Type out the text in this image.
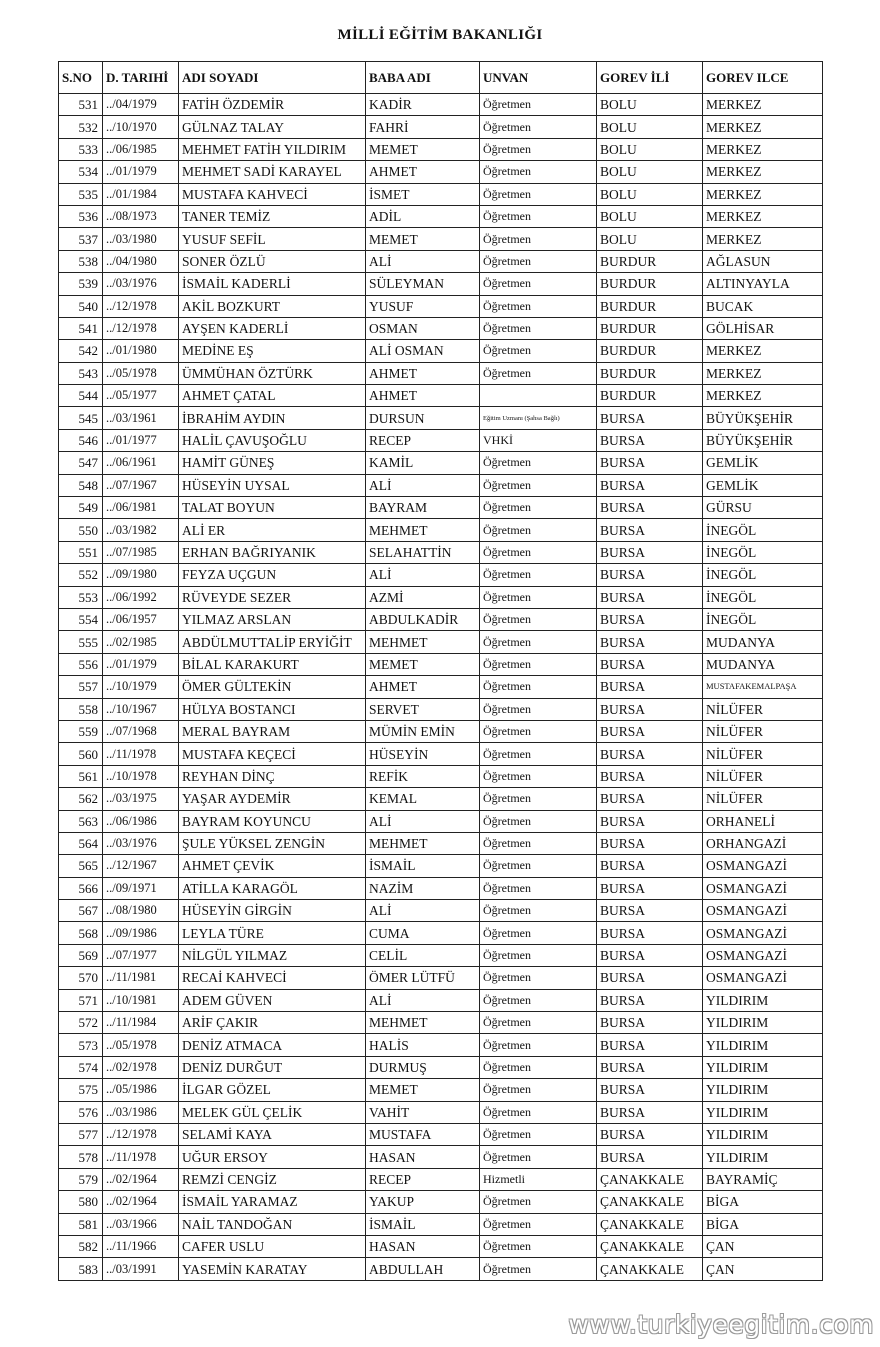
MİLLİ EĞİTİM BAKANLIĞI
S.NO	D. TARIHİ	ADI SOYADI	BABA ADI	UNVAN	GOREV İLİ	GOREV ILCE
531	../04/1979	FATİH ÖZDEMİR	KADİR	Öğretmen	BOLU	MERKEZ
532	../10/1970	GÜLNAZ TALAY	FAHRİ	Öğretmen	BOLU	MERKEZ
533	../06/1985	MEHMET FATİH YILDIRIM	MEMET	Öğretmen	BOLU	MERKEZ
534	../01/1979	MEHMET SADİ KARAYEL	AHMET	Öğretmen	BOLU	MERKEZ
535	../01/1984	MUSTAFA KAHVECİ	İSMET	Öğretmen	BOLU	MERKEZ
536	../08/1973	TANER TEMİZ	ADİL	Öğretmen	BOLU	MERKEZ
537	../03/1980	YUSUF SEFİL	MEMET	Öğretmen	BOLU	MERKEZ
538	../04/1980	SONER ÖZLÜ	ALİ	Öğretmen	BURDUR	AĞLASUN
539	../03/1976	İSMAİL KADERLİ	SÜLEYMAN	Öğretmen	BURDUR	ALTINYAYLA
540	../12/1978	AKİL BOZKURT	YUSUF	Öğretmen	BURDUR	BUCAK
541	../12/1978	AYŞEN KADERLİ	OSMAN	Öğretmen	BURDUR	GÖLHİSAR
542	../01/1980	MEDİNE EŞ	ALİ OSMAN	Öğretmen	BURDUR	MERKEZ
543	../05/1978	ÜMMÜHAN ÖZTÜRK	AHMET	Öğretmen	BURDUR	MERKEZ
544	../05/1977	AHMET ÇATAL	AHMET		BURDUR	MERKEZ
545	../03/1961	İBRAHİM AYDIN	DURSUN	Eğitim Uzmanı (Şahsa Bağlı)	BURSA	BÜYÜKŞEHİR
546	../01/1977	HALİL ÇAVUŞOĞLU	RECEP	VHKİ	BURSA	BÜYÜKŞEHİR
547	../06/1961	HAMİT GÜNEŞ	KAMİL	Öğretmen	BURSA	GEMLİK
548	../07/1967	HÜSEYİN UYSAL	ALİ	Öğretmen	BURSA	GEMLİK
549	../06/1981	TALAT BOYUN	BAYRAM	Öğretmen	BURSA	GÜRSU
550	../03/1982	ALİ ER	MEHMET	Öğretmen	BURSA	İNEGÖL
551	../07/1985	ERHAN BAĞRIYANIK	SELAHATTİN	Öğretmen	BURSA	İNEGÖL
552	../09/1980	FEYZA UÇGUN	ALİ	Öğretmen	BURSA	İNEGÖL
553	../06/1992	RÜVEYDE SEZER	AZMİ	Öğretmen	BURSA	İNEGÖL
554	../06/1957	YILMAZ ARSLAN	ABDULKADİR	Öğretmen	BURSA	İNEGÖL
555	../02/1985	ABDÜLMUTTALİP ERYİĞİT	MEHMET	Öğretmen	BURSA	MUDANYA
556	../01/1979	BİLAL KARAKURT	MEMET	Öğretmen	BURSA	MUDANYA
557	../10/1979	ÖMER GÜLTEKİN	AHMET	Öğretmen	BURSA	MUSTAFAKEMALPAŞA
558	../10/1967	HÜLYA BOSTANCI	SERVET	Öğretmen	BURSA	NİLÜFER
559	../07/1968	MERAL BAYRAM	MÜMİN EMİN	Öğretmen	BURSA	NİLÜFER
560	../11/1978	MUSTAFA KEÇECİ	HÜSEYİN	Öğretmen	BURSA	NİLÜFER
561	../10/1978	REYHAN DİNÇ	REFİK	Öğretmen	BURSA	NİLÜFER
562	../03/1975	YAŞAR AYDEMİR	KEMAL	Öğretmen	BURSA	NİLÜFER
563	../06/1986	BAYRAM KOYUNCU	ALİ	Öğretmen	BURSA	ORHANELİ
564	../03/1976	ŞULE YÜKSEL ZENGİN	MEHMET	Öğretmen	BURSA	ORHANGAZİ
565	../12/1967	AHMET ÇEVİK	İSMAİL	Öğretmen	BURSA	OSMANGAZİ
566	../09/1971	ATİLLA KARAGÖL	NAZİM	Öğretmen	BURSA	OSMANGAZİ
567	../08/1980	HÜSEYİN GİRGİN	ALİ	Öğretmen	BURSA	OSMANGAZİ
568	../09/1986	LEYLA TÜRE	CUMA	Öğretmen	BURSA	OSMANGAZİ
569	../07/1977	NİLGÜL YILMAZ	CELİL	Öğretmen	BURSA	OSMANGAZİ
570	../11/1981	RECAİ KAHVECİ	ÖMER LÜTFÜ	Öğretmen	BURSA	OSMANGAZİ
571	../10/1981	ADEM GÜVEN	ALİ	Öğretmen	BURSA	YILDIRIM
572	../11/1984	ARİF ÇAKIR	MEHMET	Öğretmen	BURSA	YILDIRIM
573	../05/1978	DENİZ ATMACA	HALİS	Öğretmen	BURSA	YILDIRIM
574	../02/1978	DENİZ DURĞUT	DURMUŞ	Öğretmen	BURSA	YILDIRIM
575	../05/1986	İLGAR GÖZEL	MEMET	Öğretmen	BURSA	YILDIRIM
576	../03/1986	MELEK GÜL ÇELİK	VAHİT	Öğretmen	BURSA	YILDIRIM
577	../12/1978	SELAMİ KAYA	MUSTAFA	Öğretmen	BURSA	YILDIRIM
578	../11/1978	UĞUR ERSOY	HASAN	Öğretmen	BURSA	YILDIRIM
579	../02/1964	REMZİ CENGİZ	RECEP	Hizmetli	ÇANAKKALE	BAYRAMİÇ
580	../02/1964	İSMAİL YARAMAZ	YAKUP	Öğretmen	ÇANAKKALE	BİGA
581	../03/1966	NAİL TANDOĞAN	İSMAİL	Öğretmen	ÇANAKKALE	BİGA
582	../11/1966	CAFER USLU	HASAN	Öğretmen	ÇANAKKALE	ÇAN
583	../03/1991	YASEMİN KARATAY	ABDULLAH	Öğretmen	ÇANAKKALE	ÇAN
www.turkiyeegitim.com
